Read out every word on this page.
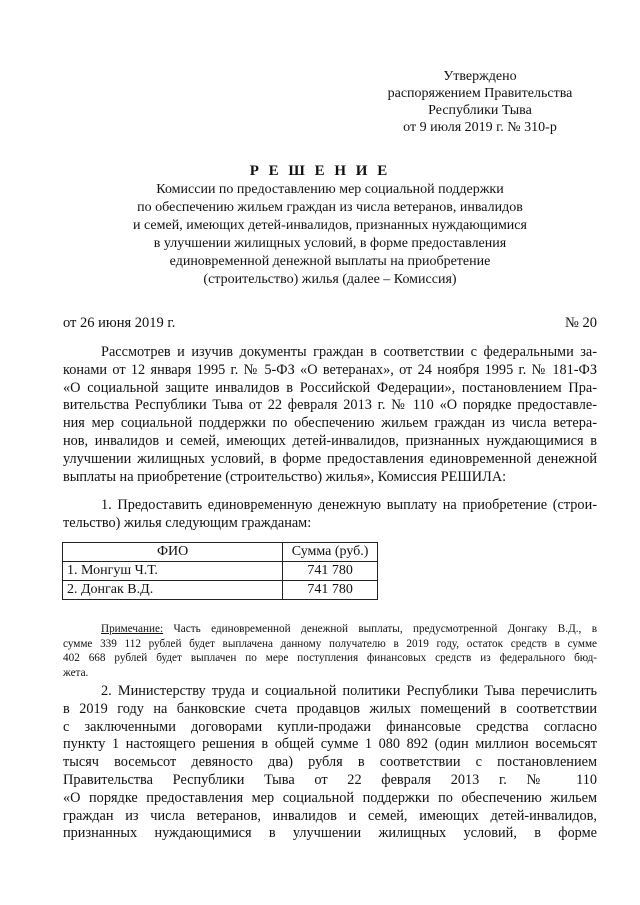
Утверждено
распоряжением Правительства
Республики Тыва
от 9 июля 2019 г. № 310-р
Р Е Ш Е Н И Е
Комиссии по предоставлению мер социальной поддержки
по обеспечению жильем граждан из числа ветеранов, инвалидов
и семей, имеющих детей-инвалидов, признанных нуждающимися
в улучшении жилищных условий, в форме предоставления
единовременной денежной выплаты на приобретение
(строительство) жилья (далее – Комиссия)
от 26 июня 2019 г.	№ 20
Рассмотрев и изучив документы граждан в соответствии с федеральными за-
конами от 12 января 1995 г. № 5-ФЗ «О ветеранах», от 24 ноября 1995 г. № 181-ФЗ
«О социальной защите инвалидов в Российской Федерации», постановлением Пра-
вительства Республики Тыва от 22 февраля 2013 г. № 110 «О порядке предоставле-
ния мер социальной поддержки по обеспечению жильем граждан из числа ветера-
нов, инвалидов и семей, имеющих детей-инвалидов, признанных нуждающимися в
улучшении жилищных условий, в форме предоставления единовременной денежной
выплаты на приобретение (строительство) жилья», Комиссия РЕШИЛА:
1. Предоставить единовременную денежную выплату на приобретение (строи-
тельство) жилья следующим гражданам:
ФИО	Сумма (руб.)
1. Монгуш Ч.Т.	741 780
2. Донгак В.Д.	741 780
Примечание: Часть единовременной денежной выплаты, предусмотренной Донгаку В.Д., в
сумме 339 112 рублей будет выплачена данному получателю в 2019 году, остаток средств в сумме
402 668 рублей будет выплачен по мере поступления финансовых средств из федерального бюд-
жета.
2. Министерству труда и социальной политики Республики Тыва перечислить
в 2019 году на банковские счета продавцов жилых помещений в соответствии
с заключенными договорами купли-продажи финансовые средства согласно
пункту 1 настоящего решения в общей сумме 1 080 892 (один миллион восемьсят
тысяч восемьсот девяносто два) рубля в соответствии с постановлением
Правительства Республики Тыва от 22 февраля 2013 г. № 110
«О порядке предоставления мер социальной поддержки по обеспечению жильем
граждан из числа ветеранов, инвалидов и семей, имеющих детей-инвалидов,
признанных нуждающимися в улучшении жилищных условий, в форме
